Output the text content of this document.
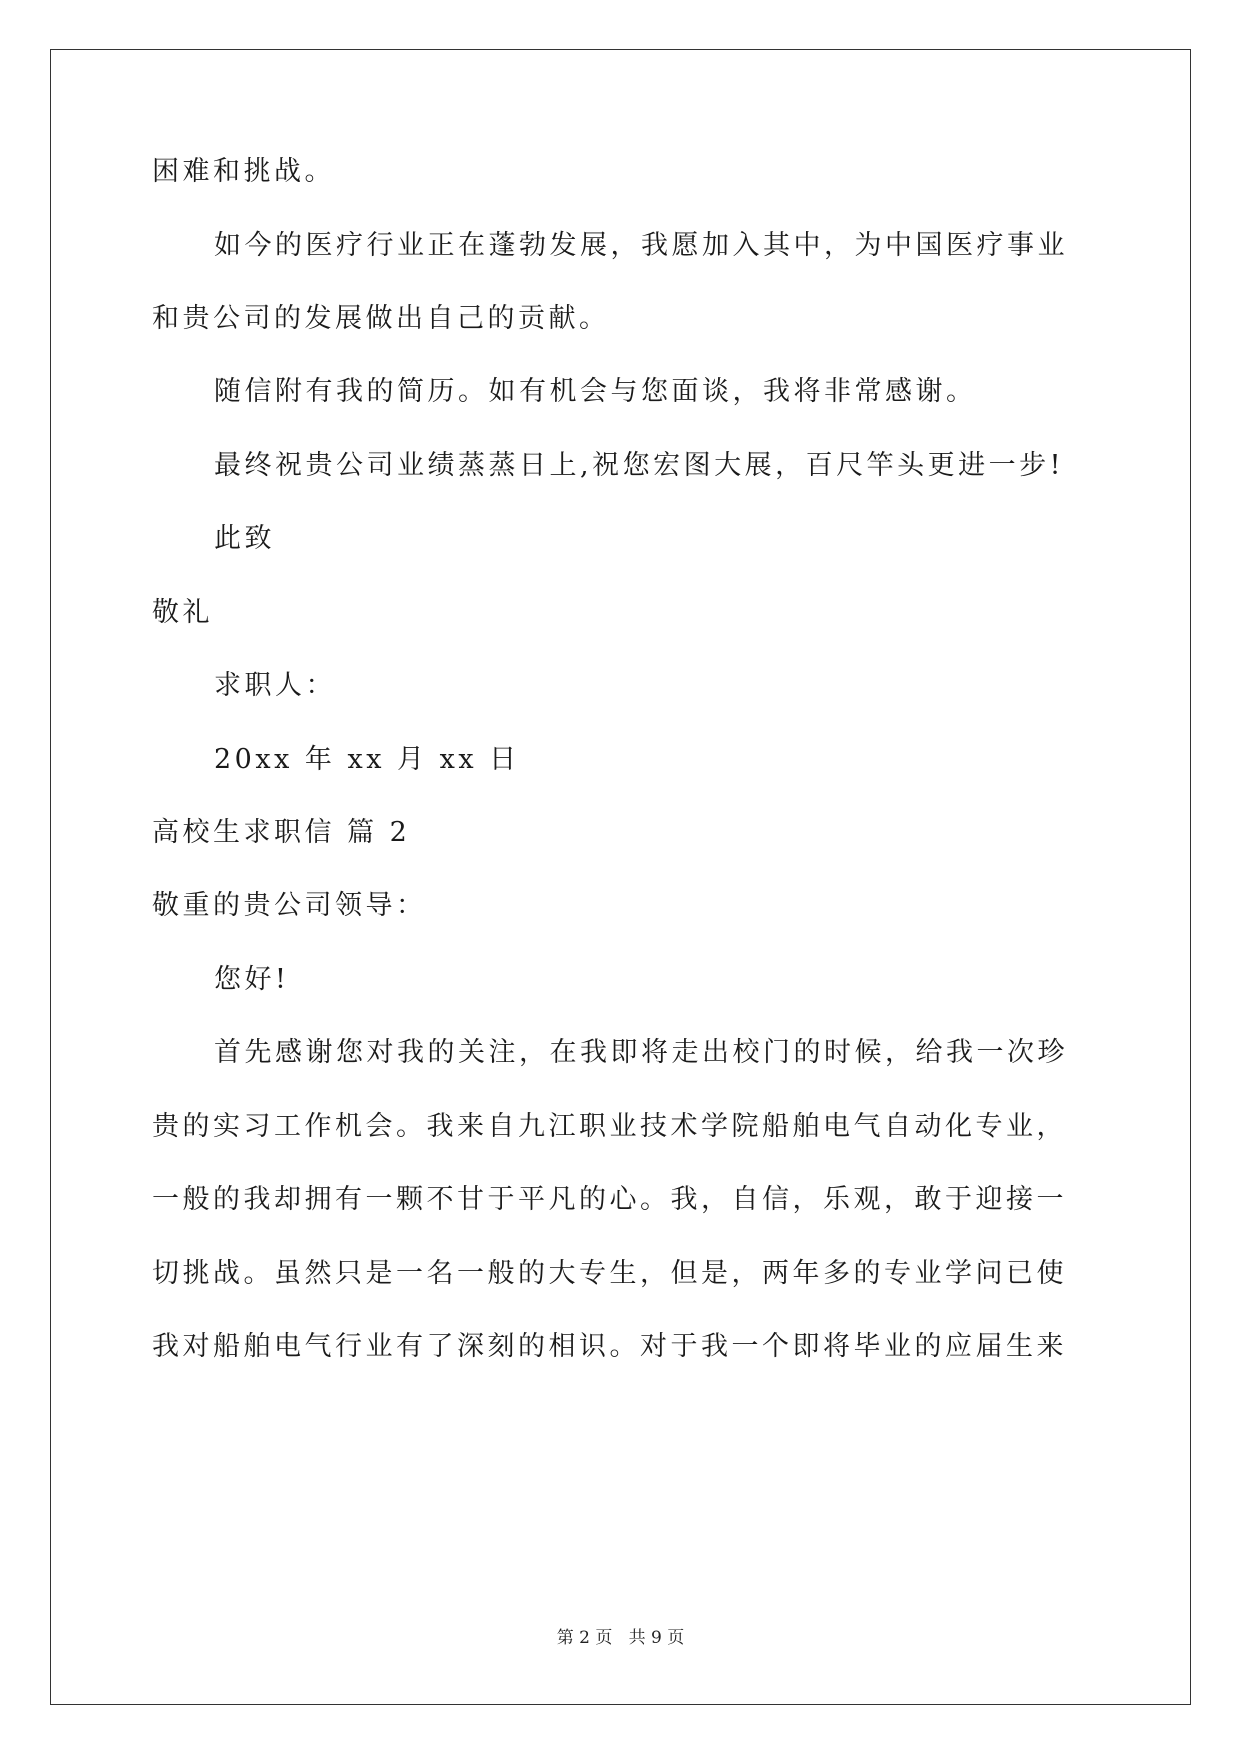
困难和挑战。
如今的医疗行业正在蓬勃发展，我愿加入其中，为中国医疗事业
和贵公司的发展做出自己的贡献。
随信附有我的简历。如有机会与您面谈，我将非常感谢。
最终祝贵公司业绩蒸蒸日上,祝您宏图大展，百尺竿头更进一步!
此致
敬礼
求职人：
20xx 年 xx 月 xx 日
高校生求职信 篇 2
敬重的贵公司领导：
您好!
首先感谢您对我的关注，在我即将走出校门的时候，给我一次珍
贵的实习工作机会。我来自九江职业技术学院船舶电气自动化专业，
一般的我却拥有一颗不甘于平凡的心。我，自信，乐观，敢于迎接一
切挑战。虽然只是一名一般的大专生，但是，两年多的专业学问已使
我对船舶电气行业有了深刻的相识。对于我一个即将毕业的应届生来
第 2 页   共 9 页
